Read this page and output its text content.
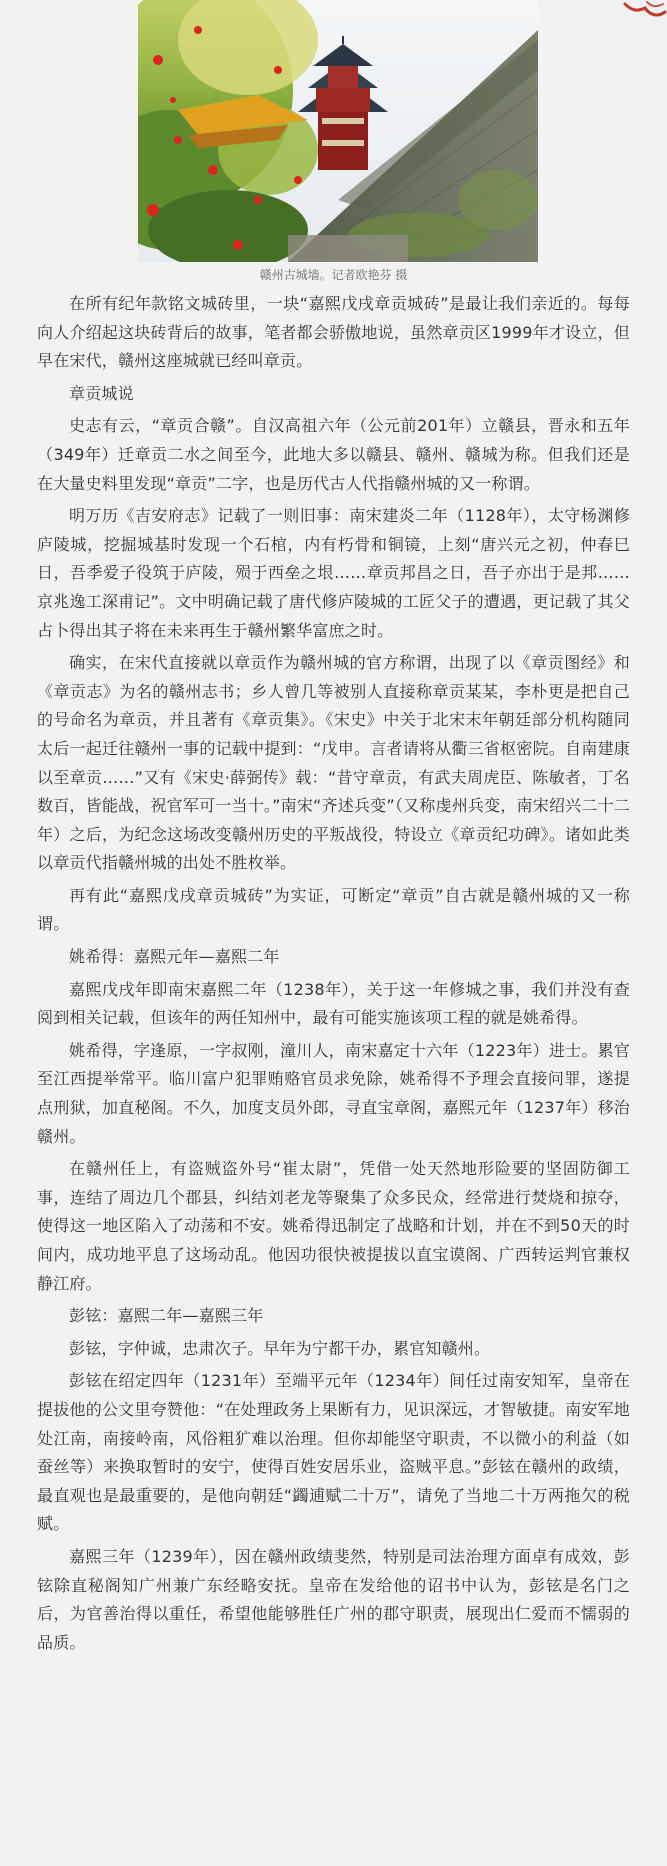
赣州古城墙。记者欧艳芬 摄

在所有纪年款铭文城砖里，一块“嘉熙戊戌章贡城砖”是最让我们亲近的。每每向人介绍起这块砖背后的故事，笔者都会骄傲地说，虽然章贡区1999年才设立，但早在宋代，赣州这座城就已经叫章贡。

章贡城说

史志有云，“章贡合赣”。自汉高祖六年（公元前201年）立赣县，晋永和五年（349年）迁章贡二水之间至今，此地大多以赣县、赣州、赣城为称。但我们还是在大量史料里发现“章贡”二字，也是历代古人代指赣州城的又一称谓。

明万历《吉安府志》记载了一则旧事：南宋建炎二年（1128年），太守杨渊修庐陵城，挖掘城基时发现一个石棺，内有朽骨和铜镜，上刻“唐兴元之初，仲春巳日，吾季爱子役筑于庐陵，殒于西垒之垠……章贡邦昌之日，吾子亦出于是邦……京兆逸工深甫记”。文中明确记载了唐代修庐陵城的工匠父子的遭遇，更记载了其父占卜得出其子将在未来再生于赣州繁华富庶之时。

确实，在宋代直接就以章贡作为赣州城的官方称谓，出现了以《章贡图经》和《章贡志》为名的赣州志书；乡人曾几等被别人直接称章贡某某，李朴更是把自己的号命名为章贡，并且著有《章贡集》。《宋史》中关于北宋末年朝廷部分机构随同太后一起迁往赣州一事的记载中提到：“戊申。言者请将从衢三省枢密院。自南建康以至章贡……”又有《宋史·薛弼传》载：“昔守章贡，有武夫周虎臣、陈敏者，丁名数百，皆能战，祝官军可一当十。”南宋“齐述兵变”（又称虔州兵变，南宋绍兴二十二年）之后，为纪念这场改变赣州历史的平叛战役，特设立《章贡纪功碑》。诸如此类以章贡代指赣州城的出处不胜枚举。

再有此“嘉熙戊戌章贡城砖”为实证，可断定“章贡”自古就是赣州城的又一称谓。

姚希得：嘉熙元年—嘉熙二年

嘉熙戊戌年即南宋嘉熙二年（1238年），关于这一年修城之事，我们并没有查阅到相关记载，但该年的两任知州中，最有可能实施该项工程的就是姚希得。

姚希得，字逢原，一字叔刚，潼川人，南宋嘉定十六年（1223年）进士。累官至江西提举常平。临川富户犯罪贿赂官员求免除，姚希得不予理会直接问罪，遂提点刑狱，加直秘阁。不久，加度支员外郎，寻直宝章阁，嘉熙元年（1237年）移治赣州。

在赣州任上，有盗贼盗外号“崔太尉”，凭借一处天然地形险要的坚固防御工事，连结了周边几个郡县，纠结刘老龙等聚集了众多民众，经常进行焚烧和掠夺，使得这一地区陷入了动荡和不安。姚希得迅制定了战略和计划，并在不到50天的时间内，成功地平息了这场动乱。他因功很快被提拔以直宝谟阁、广西转运判官兼权静江府。

彭铉：嘉熙二年—嘉熙三年

彭铉，字仲诚，忠肃次子。早年为宁都干办，累官知赣州。

彭铉在绍定四年（1231年）至端平元年（1234年）间任过南安知军，皇帝在提拔他的公文里夸赞他：“在处理政务上果断有力，见识深远，才智敏捷。南安军地处江南，南接岭南，风俗粗犷难以治理。但你却能坚守职责，不以微小的利益（如蚕丝等）来换取暂时的安宁，使得百姓安居乐业，盗贼平息。”彭铉在赣州的政绩，最直观也是最重要的，是他向朝廷“蠲逋赋二十万”，请免了当地二十万两拖欠的税赋。

嘉熙三年（1239年），因在赣州政绩斐然，特别是司法治理方面卓有成效，彭铉除直秘阁知广州兼广东经略安抚。皇帝在发给他的诏书中认为，彭铉是名门之后，为官善治得以重任，希望他能够胜任广州的郡守职责，展现出仁爱而不懦弱的品质。
